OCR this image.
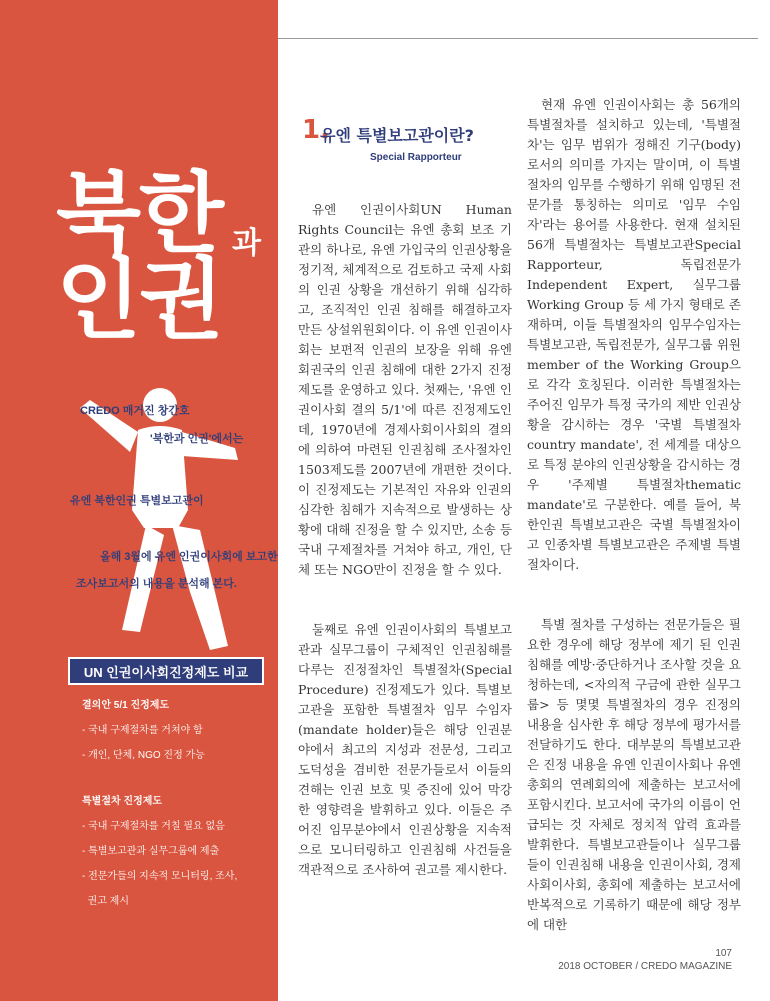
북한 과
인권
CREDO 매거진 창간호
'북한과 인권'에서는
유엔 북한인권 특별보고관이
올해 3월에 유엔 인권이사회에 보고한
조사보고서의 내용을 분석해 본다.
UN 인권이사회진정제도 비교
결의안 5/1 진정제도
- 국내 구제절차를 거쳐야 함
- 개인, 단체, NGO 진정 가능
특별절차 진정제도
- 국내 구제절차를 거칠 필요 없음
- 특별보고관과 실무그룹에 제출
- 전문가들의 지속적 모니터링, 조사,
권고 제시
1.
유엔 특별보고관이란?
Special Rapporteur

유엔 인권이사회UN Human Rights Council는 유엔 총회 보조 기관의 하나로, 유엔 가입국의 인권상황을 정기적, 체계적으로 검토하고 국제 사회의 인권 상황을 개선하기 위해 심각하고, 조직적인 인권 침해를 해결하고자 만든 상설위원회이다. 이 유엔 인권이사회는 보편적 인권의 보장을 위해 유엔 회권국의 인권 침해에 대한 2가지 진정 제도를 운영하고 있다. 첫째는, '유엔 인권이사회 결의 5/1'에 따른 진정제도인데, 1970년에 경제사회이사회의 결의에 의하여 마련된 인권침해 조사절차인 1503제도를 2007년에 개편한 것이다. 이 진정제도는 기본적인 자유와 인권의 심각한 침해가 지속적으로 발생하는 상황에 대해 진정을 할 수 있지만, 소송 등 국내 구제절차를 거쳐야 하고, 개인, 단체 또는 NGO만이 진정을 할 수 있다.

둘째로 유엔 인권이사회의 특별보고관과 실무그룹이 구체적인 인권침해를 다루는 진정절차인 특별절차(Special Procedure) 진정제도가 있다. 특별보고관을 포함한 특별절차 임무 수임자(mandate holder)들은 해당 인권분야에서 최고의 지성과 전문성, 그리고 도덕성을 겸비한 전문가들로서 이들의 견해는 인권 보호 및 증진에 있어 막강한 영향력을 발휘하고 있다. 이들은 주어진 임무분야에서 인권상황을 지속적으로 모니터링하고 인권침해 사건들을 객관적으로 조사하여 권고를 제시한다.

현재 유엔 인권이사회는 총 56개의 특별절차를 설치하고 있는데, '특별절차'는 임무 범위가 정해진 기구(body)로서의 의미를 가지는 말이며, 이 특별절차의 임무를 수행하기 위해 임명된 전문가를 통칭하는 의미로 '임무 수임자'라는 용어를 사용한다. 현재 설치된 56개 특별절차는 특별보고관Special Rapporteur, 독립전문가Independent Expert, 실무그룹Working Group 등 세 가지 형태로 존재하며, 이들 특별절차의 임무수임자는 특별보고관, 독립전문가, 실무그룹 위원member of the Working Group으로 각각 호칭된다. 이러한 특별절차는 주어진 임무가 특정 국가의 제반 인권상황을 감시하는 경우 '국별 특별절차country mandate', 전 세계를 대상으로 특정 분야의 인권상황을 감시하는 경우 '주제별 특별절차thematic mandate'로 구분한다. 예를 들어, 북한인권 특별보고관은 국별 특별절차이고 인종차별 특별보고관은 주제별 특별절차이다.

특별 절차를 구성하는 전문가들은 필요한 경우에 해당 정부에 제기 된 인권침해를 예방·중단하거나 조사할 것을 요청하는데, <자의적 구금에 관한 실무그룹> 등 몇몇 특별절차의 경우 진정의 내용을 심사한 후 해당 정부에 평가서를 전달하기도 한다. 대부분의 특별보고관은 진정 내용을 유엔 인권이사회나 유엔 총회의 연례회의에 제출하는 보고서에 포함시킨다. 보고서에 국가의 이름이 언급되는 것 자체로 정치적 압력 효과를 발휘한다. 특별보고관들이나 실무그룹들이 인권침해 내용을 인권이사회, 경제사회이사회, 총회에 제출하는 보고서에 반복적으로 기록하기 때문에 해당 정부에 대한

107
2018 OCTOBER / CREDO MAGAZINE
